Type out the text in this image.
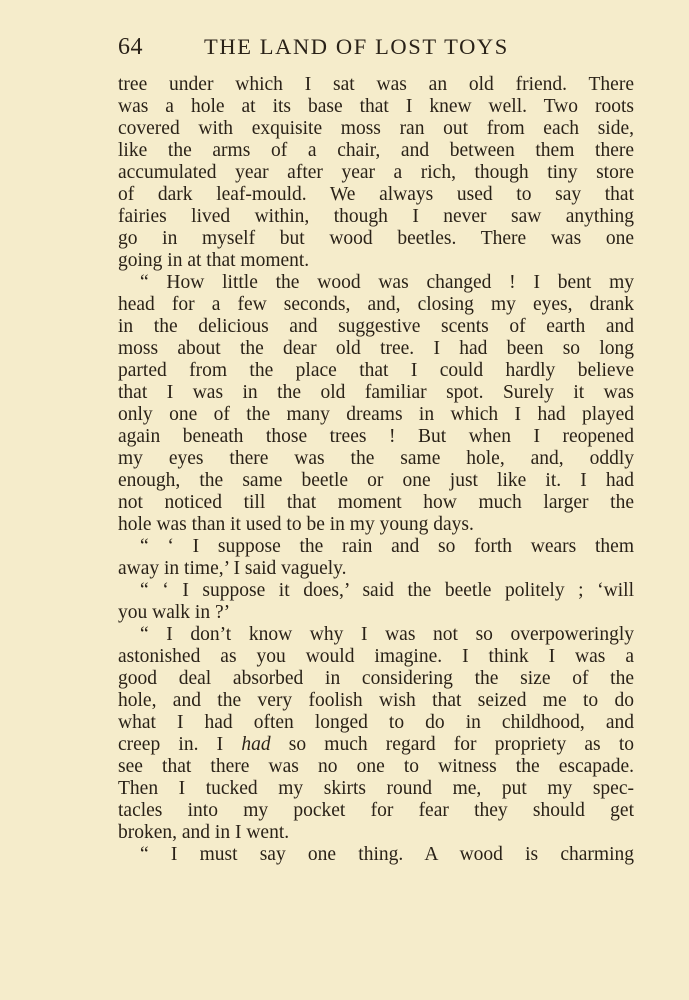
64	THE LAND OF LOST TOYS
tree under which I sat was an old friend. There
was a hole at its base that I knew well. Two roots
covered with exquisite moss ran out from each side,
like the arms of a chair, and between them there
accumulated year after year a rich, though tiny store
of dark leaf-mould. We always used to say that
fairies lived within, though I never saw anything
go in myself but wood beetles. There was one
going in at that moment.
“ How little the wood was changed ! I bent my
head for a few seconds, and, closing my eyes, drank
in the delicious and suggestive scents of earth and
moss about the dear old tree. I had been so long
parted from the place that I could hardly believe
that I was in the old familiar spot. Surely it was
only one of the many dreams in which I had played
again beneath those trees ! But when I reopened
my eyes there was the same hole, and, oddly
enough, the same beetle or one just like it. I had
not noticed till that moment how much larger the
hole was than it used to be in my young days.
“ ‘ I suppose the rain and so forth wears them
away in time,’ I said vaguely.
“ ‘ I suppose it does,’ said the beetle politely ; ‘will
you walk in ?’
“ I don’t know why I was not so overpoweringly
astonished as you would imagine. I think I was a
good deal absorbed in considering the size of the
hole, and the very foolish wish that seized me to do
what I had often longed to do in childhood, and
creep in. I had so much regard for propriety as to
see that there was no one to witness the escapade.
Then I tucked my skirts round me, put my spec-
tacles into my pocket for fear they should get
broken, and in I went.
“ I must say one thing. A wood is charming
